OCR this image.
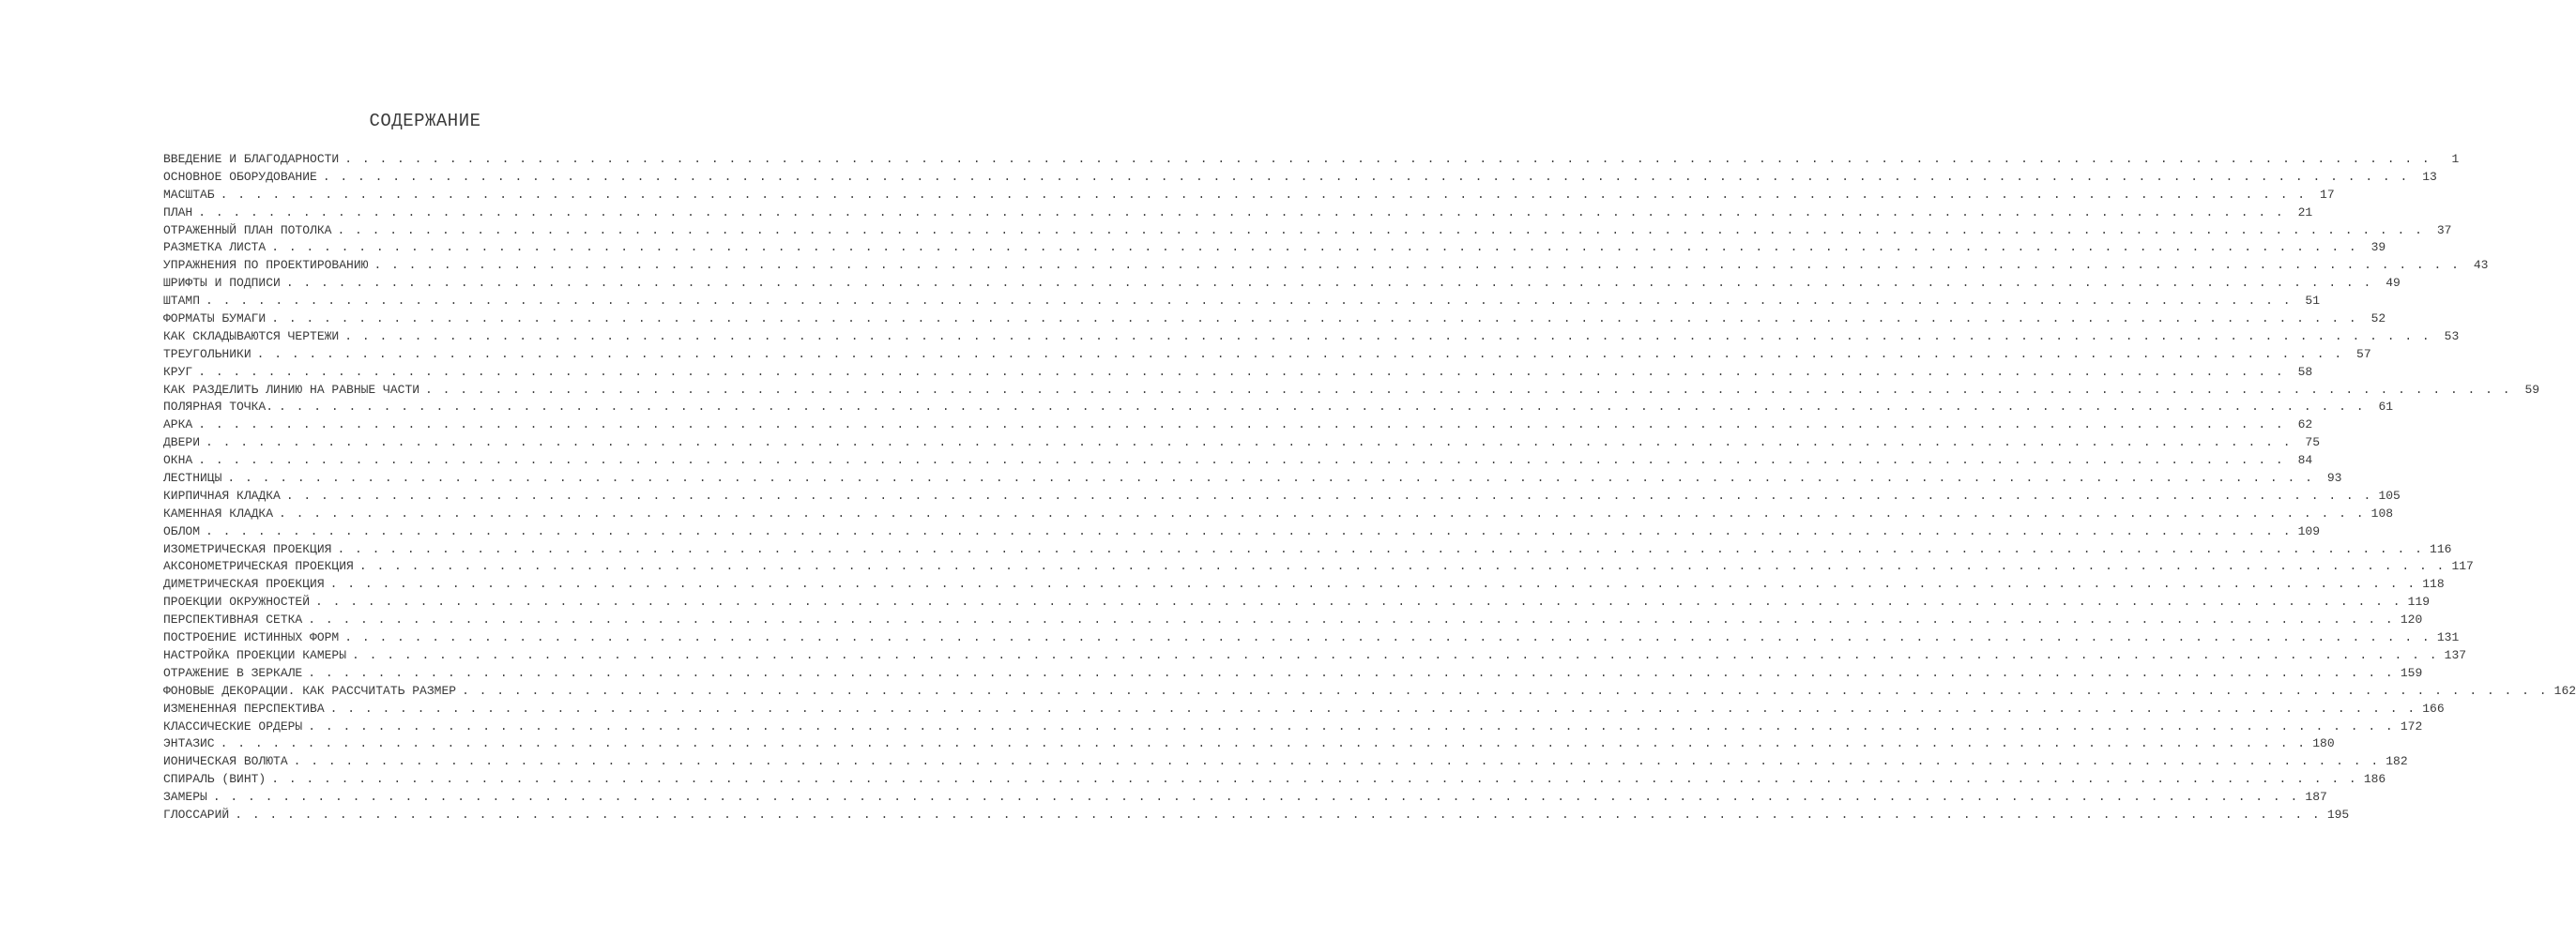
СОДЕРЖАНИЕ
ВВЕДЕНИЕ И БЛАГОДАРНОСТИ . . . . . . . . . . . . . . . . . . . . . . . . . . . . . . . . . . . . . . . . . . . . . . . . . . . . . . . . . . . . . . . . . . . . . . . . . . . . . . . . . . . . . . . . . . . . . . . . . . . . . . . . . . . . . . . . . . . . . . . .	1
ОСНОВНОЕ ОБОРУДОВАНИЕ . . . . . . . . . . . . . . . . . . . . . . . . . . . . . . . . . . . . . . . . . . . . . . . . . . . . . . . . . . . . . . . . . . . . . . . . . . . . . . . . . . . . . . . . . . . . . . . . . . . . . . . . . . . . . . . . . . . . . . . .	13
МАСШТАБ . . . . . . . . . . . . . . . . . . . . . . . . . . . . . . . . . . . . . . . . . . . . . . . . . . . . . . . . . . . . . . . . . . . . . . . . . . . . . . . . . . . . . . . . . . . . . . . . . . . . . . . . . . . . . . . . . . . . . . . .	17
ПЛАН . . . . . . . . . . . . . . . . . . . . . . . . . . . . . . . . . . . . . . . . . . . . . . . . . . . . . . . . . . . . . . . . . . . . . . . . . . . . . . . . . . . . . . . . . . . . . . . . . . . . . . . . . . . . . . . . . . . . . . . .	21
ОТРАЖЕННЫЙ ПЛАН ПОТОЛКА . . . . . . . . . . . . . . . . . . . . . . . . . . . . . . . . . . . . . . . . . . . . . . . . . . . . . . . . . . . . . . . . . . . . . . . . . . . . . . . . . . . . . . . . . . . . . . . . . . . . . . . . . . . . . . . . . . . . . . . .	37
РАЗМЕТКА ЛИСТА . . . . . . . . . . . . . . . . . . . . . . . . . . . . . . . . . . . . . . . . . . . . . . . . . . . . . . . . . . . . . . . . . . . . . . . . . . . . . . . . . . . . . . . . . . . . . . . . . . . . . . . . . . . . . . . . . . . . . . . .	39
УПРАЖНЕНИЯ ПО ПРОЕКТИРОВАНИЮ . . . . . . . . . . . . . . . . . . . . . . . . . . . . . . . . . . . . . . . . . . . . . . . . . . . . . . . . . . . . . . . . . . . . . . . . . . . . . . . . . . . . . . . . . . . . . . . . . . . . . . . . . . . . . . . . . . . . . . . .	43
ШРИФТЫ И ПОДПИСИ . . . . . . . . . . . . . . . . . . . . . . . . . . . . . . . . . . . . . . . . . . . . . . . . . . . . . . . . . . . . . . . . . . . . . . . . . . . . . . . . . . . . . . . . . . . . . . . . . . . . . . . . . . . . . . . . . . . . . . . .	49
ШТАМП . . . . . . . . . . . . . . . . . . . . . . . . . . . . . . . . . . . . . . . . . . . . . . . . . . . . . . . . . . . . . . . . . . . . . . . . . . . . . . . . . . . . . . . . . . . . . . . . . . . . . . . . . . . . . . . . . . . . . . . .	51
ФОРМАТЫ БУМАГИ . . . . . . . . . . . . . . . . . . . . . . . . . . . . . . . . . . . . . . . . . . . . . . . . . . . . . . . . . . . . . . . . . . . . . . . . . . . . . . . . . . . . . . . . . . . . . . . . . . . . . . . . . . . . . . . . . . . . . . . .	52
КАК СКЛАДЫВАЮТСЯ ЧЕРТЕЖИ . . . . . . . . . . . . . . . . . . . . . . . . . . . . . . . . . . . . . . . . . . . . . . . . . . . . . . . . . . . . . . . . . . . . . . . . . . . . . . . . . . . . . . . . . . . . . . . . . . . . . . . . . . . . . . . . . . . . . . . .	53
ТРЕУГОЛЬНИКИ . . . . . . . . . . . . . . . . . . . . . . . . . . . . . . . . . . . . . . . . . . . . . . . . . . . . . . . . . . . . . . . . . . . . . . . . . . . . . . . . . . . . . . . . . . . . . . . . . . . . . . . . . . . . . . . . . . . . . . . .	57
КРУГ . . . . . . . . . . . . . . . . . . . . . . . . . . . . . . . . . . . . . . . . . . . . . . . . . . . . . . . . . . . . . . . . . . . . . . . . . . . . . . . . . . . . . . . . . . . . . . . . . . . . . . . . . . . . . . . . . . . . . . . .	58
КАК РАЗДЕЛИТЬ ЛИНИЮ НА РАВНЫЕ ЧАСТИ . . . . . . . . . . . . . . . . . . . . . . . . . . . . . . . . . . . . . . . . . . . . . . . . . . . . . . . . . . . . . . . . . . . . . . . . . . . . . . . . . . . . . . . . . . . . . . . . . . . . . . . . . . . . . . . . . . . . . . . .	59
ПОЛЯРНАЯ ТОЧКА. . . . . . . . . . . . . . . . . . . . . . . . . . . . . . . . . . . . . . . . . . . . . . . . . . . . . . . . . . . . . . . . . . . . . . . . . . . . . . . . . . . . . . . . . . . . . . . . . . . . . . . . . . . . . . . . . . . . . . . . .	61
АРКА . . . . . . . . . . . . . . . . . . . . . . . . . . . . . . . . . . . . . . . . . . . . . . . . . . . . . . . . . . . . . . . . . . . . . . . . . . . . . . . . . . . . . . . . . . . . . . . . . . . . . . . . . . . . . . . . . . . . . . . .	62
ДВЕРИ . . . . . . . . . . . . . . . . . . . . . . . . . . . . . . . . . . . . . . . . . . . . . . . . . . . . . . . . . . . . . . . . . . . . . . . . . . . . . . . . . . . . . . . . . . . . . . . . . . . . . . . . . . . . . . . . . . . . . . . .	75
ОКНА . . . . . . . . . . . . . . . . . . . . . . . . . . . . . . . . . . . . . . . . . . . . . . . . . . . . . . . . . . . . . . . . . . . . . . . . . . . . . . . . . . . . . . . . . . . . . . . . . . . . . . . . . . . . . . . . . . . . . . . .	84
ЛЕСТНИЦЫ . . . . . . . . . . . . . . . . . . . . . . . . . . . . . . . . . . . . . . . . . . . . . . . . . . . . . . . . . . . . . . . . . . . . . . . . . . . . . . . . . . . . . . . . . . . . . . . . . . . . . . . . . . . . . . . . . . . . . . . .	93
КИРПИЧНАЯ КЛАДКА . . . . . . . . . . . . . . . . . . . . . . . . . . . . . . . . . . . . . . . . . . . . . . . . . . . . . . . . . . . . . . . . . . . . . . . . . . . . . . . . . . . . . . . . . . . . . . . . . . . . . . . . . . . . . . . . . . . . . . . . 105
КАМЕННАЯ КЛАДКА . . . . . . . . . . . . . . . . . . . . . . . . . . . . . . . . . . . . . . . . . . . . . . . . . . . . . . . . . . . . . . . . . . . . . . . . . . . . . . . . . . . . . . . . . . . . . . . . . . . . . . . . . . . . . . . . . . . . . . . . 108
ОБЛОМ . . . . . . . . . . . . . . . . . . . . . . . . . . . . . . . . . . . . . . . . . . . . . . . . . . . . . . . . . . . . . . . . . . . . . . . . . . . . . . . . . . . . . . . . . . . . . . . . . . . . . . . . . . . . . . . . . . . . . . . . 109
ИЗОМЕТРИЧЕСКАЯ ПРОЕКЦИЯ . . . . . . . . . . . . . . . . . . . . . . . . . . . . . . . . . . . . . . . . . . . . . . . . . . . . . . . . . . . . . . . . . . . . . . . . . . . . . . . . . . . . . . . . . . . . . . . . . . . . . . . . . . . . . . . . . . . . . . . . 116
АКСОНОМЕТРИЧЕСКАЯ ПРОЕКЦИЯ . . . . . . . . . . . . . . . . . . . . . . . . . . . . . . . . . . . . . . . . . . . . . . . . . . . . . . . . . . . . . . . . . . . . . . . . . . . . . . . . . . . . . . . . . . . . . . . . . . . . . . . . . . . . . . . . . . . . . . . . 117
ДИМЕТРИЧЕСКАЯ ПРОЕКЦИЯ . . . . . . . . . . . . . . . . . . . . . . . . . . . . . . . . . . . . . . . . . . . . . . . . . . . . . . . . . . . . . . . . . . . . . . . . . . . . . . . . . . . . . . . . . . . . . . . . . . . . . . . . . . . . . . . . . . . . . . . . 118
ПРОЕКЦИИ ОКРУЖНОСТЕЙ . . . . . . . . . . . . . . . . . . . . . . . . . . . . . . . . . . . . . . . . . . . . . . . . . . . . . . . . . . . . . . . . . . . . . . . . . . . . . . . . . . . . . . . . . . . . . . . . . . . . . . . . . . . . . . . . . . . . . . . . 119
ПЕРСПЕКТИВНАЯ СЕТКА . . . . . . . . . . . . . . . . . . . . . . . . . . . . . . . . . . . . . . . . . . . . . . . . . . . . . . . . . . . . . . . . . . . . . . . . . . . . . . . . . . . . . . . . . . . . . . . . . . . . . . . . . . . . . . . . . . . . . . . . 120
ПОСТРОЕНИЕ ИСТИННЫХ ФОРМ . . . . . . . . . . . . . . . . . . . . . . . . . . . . . . . . . . . . . . . . . . . . . . . . . . . . . . . . . . . . . . . . . . . . . . . . . . . . . . . . . . . . . . . . . . . . . . . . . . . . . . . . . . . . . . . . . . . . . . . . 131
НАСТРОЙКА ПРОЕКЦИИ КАМЕРЫ . . . . . . . . . . . . . . . . . . . . . . . . . . . . . . . . . . . . . . . . . . . . . . . . . . . . . . . . . . . . . . . . . . . . . . . . . . . . . . . . . . . . . . . . . . . . . . . . . . . . . . . . . . . . . . . . . . . . . . . . 137
ОТРАЖЕНИЕ В ЗЕРКАЛЕ . . . . . . . . . . . . . . . . . . . . . . . . . . . . . . . . . . . . . . . . . . . . . . . . . . . . . . . . . . . . . . . . . . . . . . . . . . . . . . . . . . . . . . . . . . . . . . . . . . . . . . . . . . . . . . . . . . . . . . . . 159
ФОНОВЫЕ ДЕКОРАЦИИ. КАК РАССЧИТАТЬ РАЗМЕР . . . . . . . . . . . . . . . . . . . . . . . . . . . . . . . . . . . . . . . . . . . . . . . . . . . . . . . . . . . . . . . . . . . . . . . . . . . . . . . . . . . . . . . . . . . . . . . . . . . . . . . . . . . . . . . . . . . . . . . . 162
ИЗМЕНЕННАЯ ПЕРСПЕКТИВА . . . . . . . . . . . . . . . . . . . . . . . . . . . . . . . . . . . . . . . . . . . . . . . . . . . . . . . . . . . . . . . . . . . . . . . . . . . . . . . . . . . . . . . . . . . . . . . . . . . . . . . . . . . . . . . . . . . . . . . . 166
КЛАССИЧЕСКИЕ ОРДЕРЫ . . . . . . . . . . . . . . . . . . . . . . . . . . . . . . . . . . . . . . . . . . . . . . . . . . . . . . . . . . . . . . . . . . . . . . . . . . . . . . . . . . . . . . . . . . . . . . . . . . . . . . . . . . . . . . . . . . . . . . . . 172
ЭНТАЗИС . . . . . . . . . . . . . . . . . . . . . . . . . . . . . . . . . . . . . . . . . . . . . . . . . . . . . . . . . . . . . . . . . . . . . . . . . . . . . . . . . . . . . . . . . . . . . . . . . . . . . . . . . . . . . . . . . . . . . . . . 180
ИОНИЧЕСКАЯ ВОЛЮТА . . . . . . . . . . . . . . . . . . . . . . . . . . . . . . . . . . . . . . . . . . . . . . . . . . . . . . . . . . . . . . . . . . . . . . . . . . . . . . . . . . . . . . . . . . . . . . . . . . . . . . . . . . . . . . . . . . . . . . . . 182
СПИРАЛЬ (ВИНТ) . . . . . . . . . . . . . . . . . . . . . . . . . . . . . . . . . . . . . . . . . . . . . . . . . . . . . . . . . . . . . . . . . . . . . . . . . . . . . . . . . . . . . . . . . . . . . . . . . . . . . . . . . . . . . . . . . . . . . . . . 186
ЗАМЕРЫ . . . . . . . . . . . . . . . . . . . . . . . . . . . . . . . . . . . . . . . . . . . . . . . . . . . . . . . . . . . . . . . . . . . . . . . . . . . . . . . . . . . . . . . . . . . . . . . . . . . . . . . . . . . . . . . . . . . . . . . . 187
ГЛОССАРИЙ . . . . . . . . . . . . . . . . . . . . . . . . . . . . . . . . . . . . . . . . . . . . . . . . . . . . . . . . . . . . . . . . . . . . . . . . . . . . . . . . . . . . . . . . . . . . . . . . . . . . . . . . . . . . . . . . . . . . . . . . 195
